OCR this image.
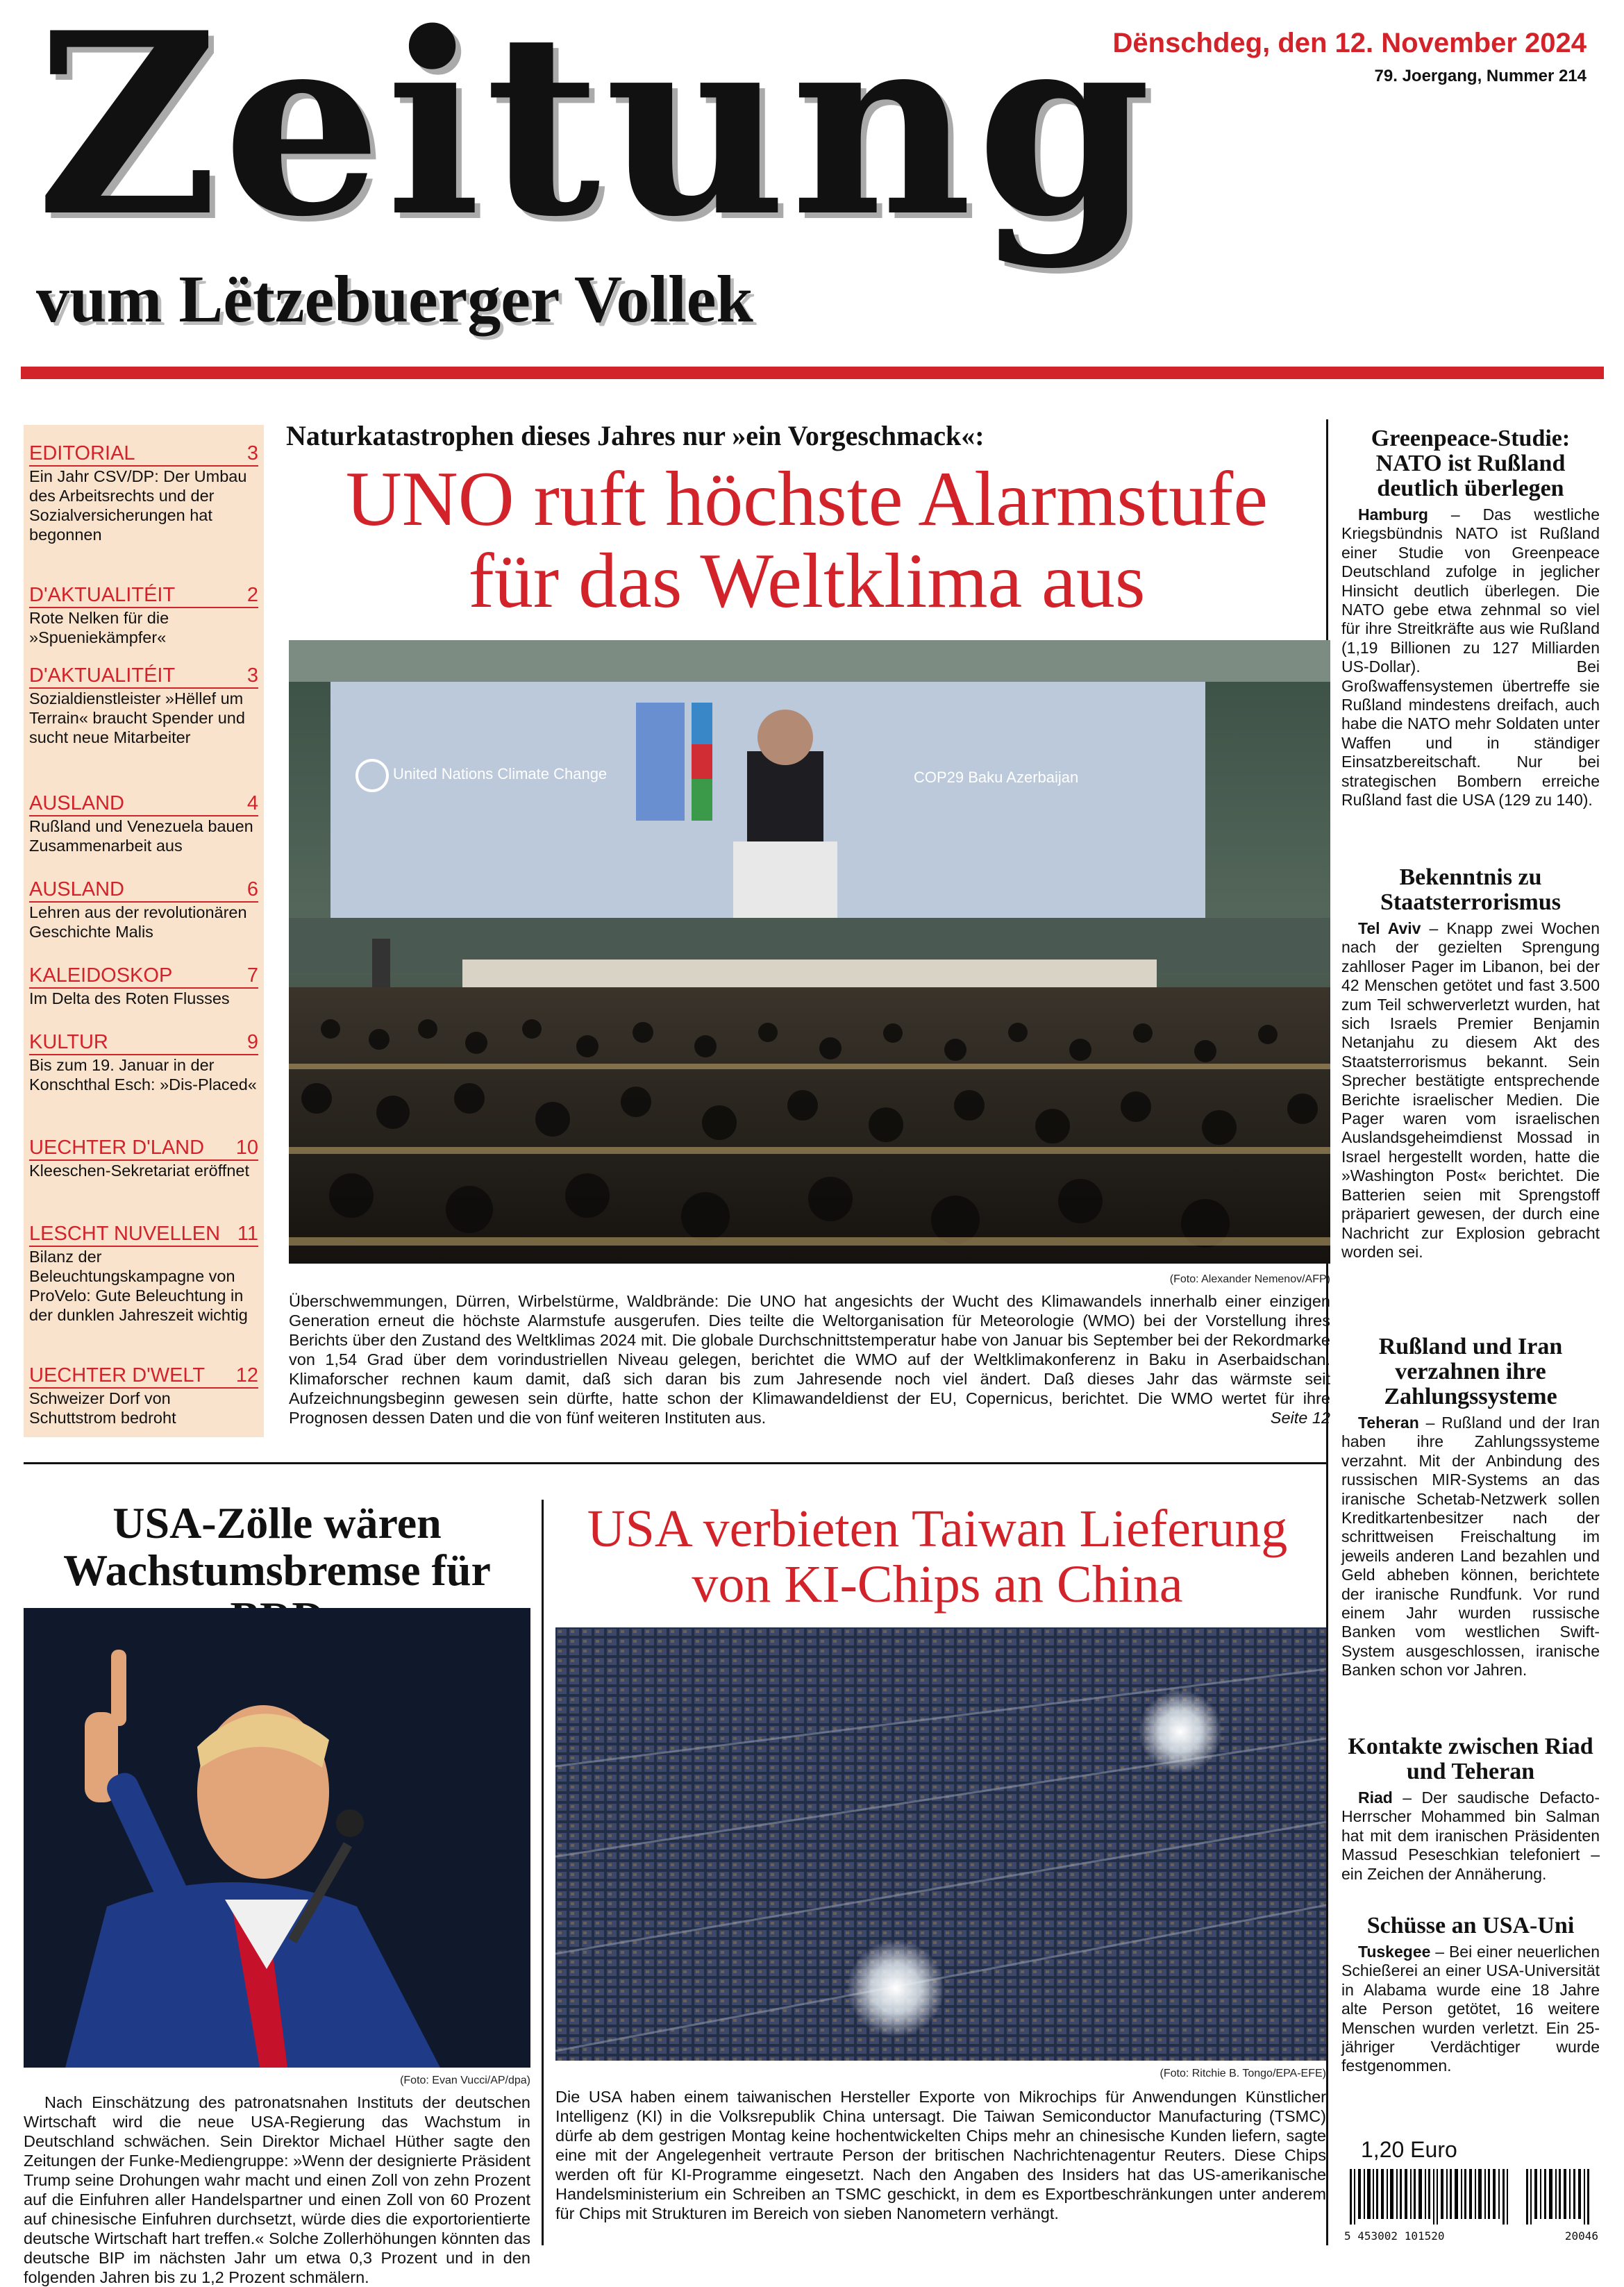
Zeitung
vum Lëtzebuerger Vollek
Dënschdeg, den 12. November 2024
79. Joergang, Nummer 214
EDITORIAL	3
Ein Jahr CSV/DP: Der Umbau des Arbeitsrechts und der Sozialversicherungen hat begonnen
D'AKTUALITÉIT	2
Rote Nelken für die »Spueniekämpfer«
D'AKTUALITÉIT	3
Sozialdienstleister »Hëllef um Terrain« braucht Spender und sucht neue Mitarbeiter
AUSLAND	4
Rußland und Venezuela bauen Zusammenarbeit aus
AUSLAND	6
Lehren aus der revolutionären Geschichte Malis
KALEIDOSKOP	7
Im Delta des Roten Flusses
KULTUR	9
Bis zum 19. Januar in der Konschthal Esch: »Dis-Placed«
UECHTER D'LAND 10
Kleeschen-Sekretariat eröffnet
LESCHT NUVELLEN 11
Bilanz der Beleuchtungskampagne von ProVelo: Gute Beleuchtung in der dunklen Jahreszeit wichtig
UECHTER D'WELT 12
Schweizer Dorf von Schuttstrom bedroht
Naturkatastrophen dieses Jahres nur »ein Vorgeschmack«:
UNO ruft höchste Alarmstufe
für das Weltklima aus
United Nations Climate Change	COP29 Baku Azerbaijan
(Foto: Alexander Nemenov/AFP)
Überschwemmungen, Dürren, Wirbelstürme, Waldbrände: Die UNO hat angesichts der Wucht des Klimawandels innerhalb einer einzigen Generation erneut die höchste Alarmstufe ausgerufen. Dies teilte die Weltorganisation für Meteorologie (WMO) bei der Vorstellung ihres Berichts über den Zustand des Weltklimas 2024 mit. Die globale Durchschnittstemperatur habe von Januar bis September bei der Rekordmarke von 1,54 Grad über dem vorindustriellen Niveau gelegen, berichtet die WMO auf der Weltklimakonferenz in Baku in Aserbaidschan. Klimaforscher rechnen kaum damit, daß sich daran bis zum Jahresende noch viel ändert. Daß dieses Jahr das wärmste seit Aufzeichnungsbeginn gewesen sein dürfte, hatte schon der Klimawandeldienst der EU, Copernicus, berichtet. Die WMO wertet für ihre Prognosen dessen Daten und die von fünf weiteren Instituten aus.	Seite 12
USA-Zölle wären
Wachstumsbremse für
(Foto: Evan Vucci/AP/dpa)
Nach Einschätzung des patronatsnahen Instituts der deutschen Wirtschaft wird die neue USA-Regierung das Wachstum in Deutschland schwächen. Sein Direktor Michael Hüther sagte den Zeitungen der Funke-Mediengruppe: »Wenn der designierte Präsident Trump seine Drohungen wahr macht und einen Zoll von zehn Prozent auf die Einfuhren aller Handelspartner und einen Zoll von 60 Prozent auf chinesische Einfuhren durchsetzt, würde dies die exportorientierte deutsche Wirtschaft hart treffen.« Solche Zollerhöhungen könnten das deutsche BIP im nächsten Jahr um etwa 0,3 Prozent und in den folgenden Jahren bis zu 1,2 Prozent schmälern.
USA verbieten Taiwan Lieferung
von KI-Chips an China
(Foto: Ritchie B. Tongo/EPA-EFE)
Die USA haben einem taiwanischen Hersteller Exporte von Mikrochips für Anwendungen Künstlicher Intelligenz (KI) in die Volksrepublik China untersagt. Die Taiwan Semiconductor Manufacturing (TSMC) dürfe ab dem gestrigen Montag keine hochentwickelten Chips mehr an chinesische Kunden liefern, sagte eine mit der Angelegenheit vertraute Person der britischen Nachrichtenagentur Reuters. Diese Chips werden oft für KI-Programme eingesetzt. Nach den Angaben des Insiders hat das US-amerikanische Handelsministerium ein Schreiben an TSMC geschickt, in dem es Exportbeschränkungen unter anderem für Chips mit Strukturen im Bereich von sieben Nanometern verhängt.
Greenpeace-Studie: NATO ist Rußland deutlich überlegen
Hamburg – Das westliche Kriegsbündnis NATO ist Rußland einer Studie von Greenpeace Deutschland zufolge in jeglicher Hinsicht deutlich überlegen. Die NATO gebe etwa zehnmal so viel für ihre Streitkräfte aus wie Rußland (1,19 Billionen zu 127 Milliarden US-Dollar). Bei Großwaffensystemen übertreffe sie Rußland mindestens dreifach, auch habe die NATO mehr Soldaten unter Waffen und in ständiger Einsatzbereitschaft. Nur bei strategischen Bombern erreiche Rußland fast die USA (129 zu 140).
Bekenntnis zu Staatsterrorismus
Tel Aviv – Knapp zwei Wochen nach der gezielten Sprengung zahlloser Pager im Libanon, bei der 42 Menschen getötet und fast 3.500 zum Teil schwerverletzt wurden, hat sich Israels Premier Benjamin Netanjahu zu diesem Akt des Staatsterrorismus bekannt. Sein Sprecher bestätigte entsprechende Berichte israelischer Medien. Die Pager waren vom israelischen Auslandsgeheimdienst Mossad in Israel hergestellt worden, hatte die »Washington Post« berichtet. Die Batterien seien mit Sprengstoff präpariert gewesen, der durch eine Nachricht zur Explosion gebracht worden sei.
Rußland und Iran verzahnen ihre Zahlungssysteme
Teheran – Rußland und der Iran haben ihre Zahlungssysteme verzahnt. Mit der Anbindung des russischen MIR-Systems an das iranische Schetab-Netzwerk sollen Kreditkartenbesitzer nach der schrittweisen Freischaltung im jeweils anderen Land bezahlen und Geld abheben können, berichtete der iranische Rundfunk. Vor rund einem Jahr wurden russische Banken vom westlichen Swift-System ausgeschlossen, iranische Banken schon vor Jahren.
Kontakte zwischen Riad und Teheran
Riad – Der saudische Defacto-Herrscher Mohammed bin Salman hat mit dem iranischen Präsidenten Massud Peseschkian telefoniert – ein Zeichen der Annäherung.
Schüsse an USA-Uni
Tuskegee – Bei einer neuerlichen Schießerei an einer USA-Universität in Alabama wurde eine 18 Jahre alte Person getötet, 16 weitere Menschen wurden verletzt. Ein 25-jähriger Verdächtiger wurde festgenommen.
1,20 Euro
5 453002 101520	20046
